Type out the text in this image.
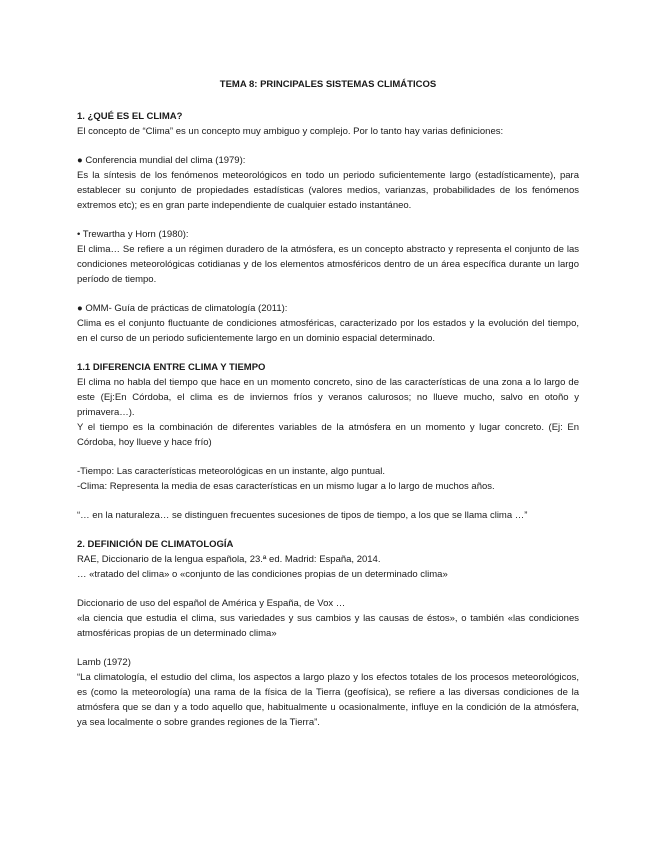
TEMA 8: PRINCIPALES SISTEMAS CLIMÁTICOS

1. ¿QUÉ ES EL CLIMA?

El concepto de “Clima” es un concepto muy ambiguo y complejo. Por lo tanto hay varias definiciones:

● Conferencia mundial del clima (1979):

Es la síntesis de los fenómenos meteorológicos en todo un periodo suficientemente largo (estadísticamente), para establecer su conjunto de propiedades estadísticas (valores medios, varianzas, probabilidades de los fenómenos extremos etc); es en gran parte independiente de cualquier estado instantáneo.

• Trewartha y Horn (1980):

El clima… Se refiere a un régimen duradero de la atmósfera, es un concepto abstracto y representa el conjunto de las condiciones meteorológicas cotidianas y de los elementos atmosféricos dentro de un área específica durante un largo período de tiempo.

● OMM- Guía de prácticas de climatología (2011):

Clima es el conjunto fluctuante de condiciones atmosféricas, caracterizado por los estados y la evolución del tiempo, en el curso de un periodo suficientemente largo en un dominio espacial determinado.

1.1 DIFERENCIA ENTRE CLIMA Y TIEMPO

El clima no habla del tiempo que hace en un momento concreto, sino de las características de una zona a lo largo de este (Ej:En Córdoba, el clima es de inviernos fríos y veranos calurosos; no llueve mucho, salvo en otoño y primavera…).

Y el tiempo es la combinación de diferentes variables de la atmósfera en un momento y lugar concreto. (Ej: En Córdoba, hoy llueve y hace frío)

-Tiempo: Las características meteorológicas en un instante, algo puntual.

-Clima: Representa la media de esas características en un mismo lugar a lo largo de muchos años.

“… en la naturaleza… se distinguen frecuentes sucesiones de tipos de tiempo, a los que se llama clima …”

2. DEFINICIÓN DE CLIMATOLOGÍA

RAE, Diccionario de la lengua española, 23.ª ed. Madrid: España, 2014.

… «tratado del clima» o «conjunto de las condiciones propias de un determinado clima»

Diccionario de uso del español de América y España, de Vox …

«la ciencia que estudia el clima, sus variedades y sus cambios y las causas de éstos», o también «las condiciones atmosféricas propias de un determinado clima»

Lamb (1972)

“La climatología, el estudio del clima, los aspectos a largo plazo y los efectos totales de los procesos meteorológicos, es (como la meteorología) una rama de la física de la Tierra (geofísica), se refiere a las diversas condiciones de la atmósfera que se dan y a todo aquello que, habitualmente u ocasionalmente, influye en la condición de la atmósfera, ya sea localmente o sobre grandes regiones de la Tierra”.
